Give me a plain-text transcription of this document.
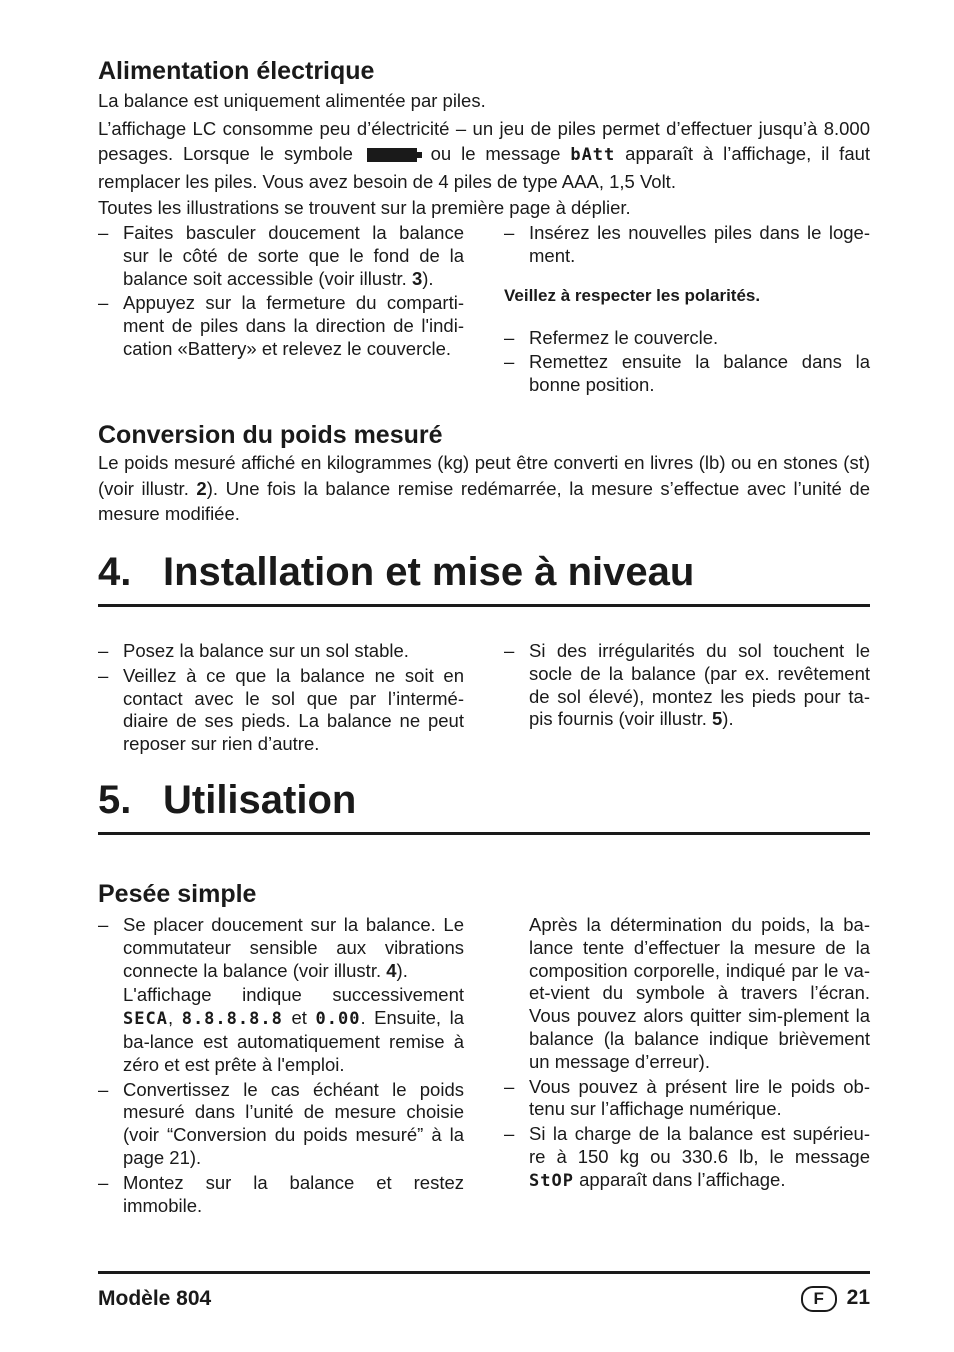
Alimentation électrique

La balance est uniquement alimentée par piles.

L’affichage LC consomme peu d’électricité – un jeu de piles permet d’effectuer jusqu’à 8.000 pesages. Lorsque le symbole	ou le message bAtt apparaît à l’affichage, il faut remplacer les piles. Vous avez besoin de 4 piles de type AAA, 1,5 Volt.

Toutes les illustrations se trouvent sur la première page à déplier.

– Faites basculer doucement la balance sur le côté de sorte que le fond de la balance soit accessible (voir illustr. 3).
– Appuyez sur la fermeture du comparti-ment de piles dans la direction de l'indi-cation «Battery» et relevez le couvercle.
– Insérez les nouvelles piles dans le loge-ment.

Veillez à respecter les polarités.

– Refermez le couvercle.
– Remettez ensuite la balance dans la bonne position.
Conversion du poids mesuré

Le poids mesuré affiché en kilogrammes (kg) peut être converti en livres (lb) ou en stones (st) (voir illustr. 2). Une fois la balance remise redémarrée, la mesure s’effectue avec l’unité de mesure modifiée.

4. Installation et mise à niveau
– Posez la balance sur un sol stable.
– Veillez à ce que la balance ne soit en contact avec le sol que par l’intermé-diaire de ses pieds. La balance ne peut reposer sur rien d’autre.
– Si des irrégularités du sol touchent le socle de la balance (par ex. revêtement de sol élevé), montez les pieds pour ta-pis fournis (voir illustr. 5).
5. Utilisation
Pesée simple
– Se placer doucement sur la balance. Le commutateur sensible aux vibrations connecte la balance (voir illustr. 4).

L'affichage indique successivement SECA, 8.8.8.8.8 et 0.00. Ensuite, la ba-lance est automatiquement remise à zéro et est prête à l'emploi.

– Convertissez le cas échéant le poids mesuré dans l’unité de mesure choisie (voir “Conversion du poids mesuré” à la page 21).
– Montez sur la balance et restez immobile.

Après la détermination du poids, la ba-lance tente d’effectuer la mesure de la composition corporelle, indiqué par le va-et-vient du symbole à travers l’écran. Vous pouvez alors quitter sim-plement la balance (la balance indique brièvement un message d’erreur).

– Vous pouvez à présent lire le poids ob-tenu sur l’affichage numérique.
– Si la charge de la balance est supérieu-re à 150 kg ou 330.6 lb, le message StOP apparaît dans l’affichage.
Modèle 804	F 21
